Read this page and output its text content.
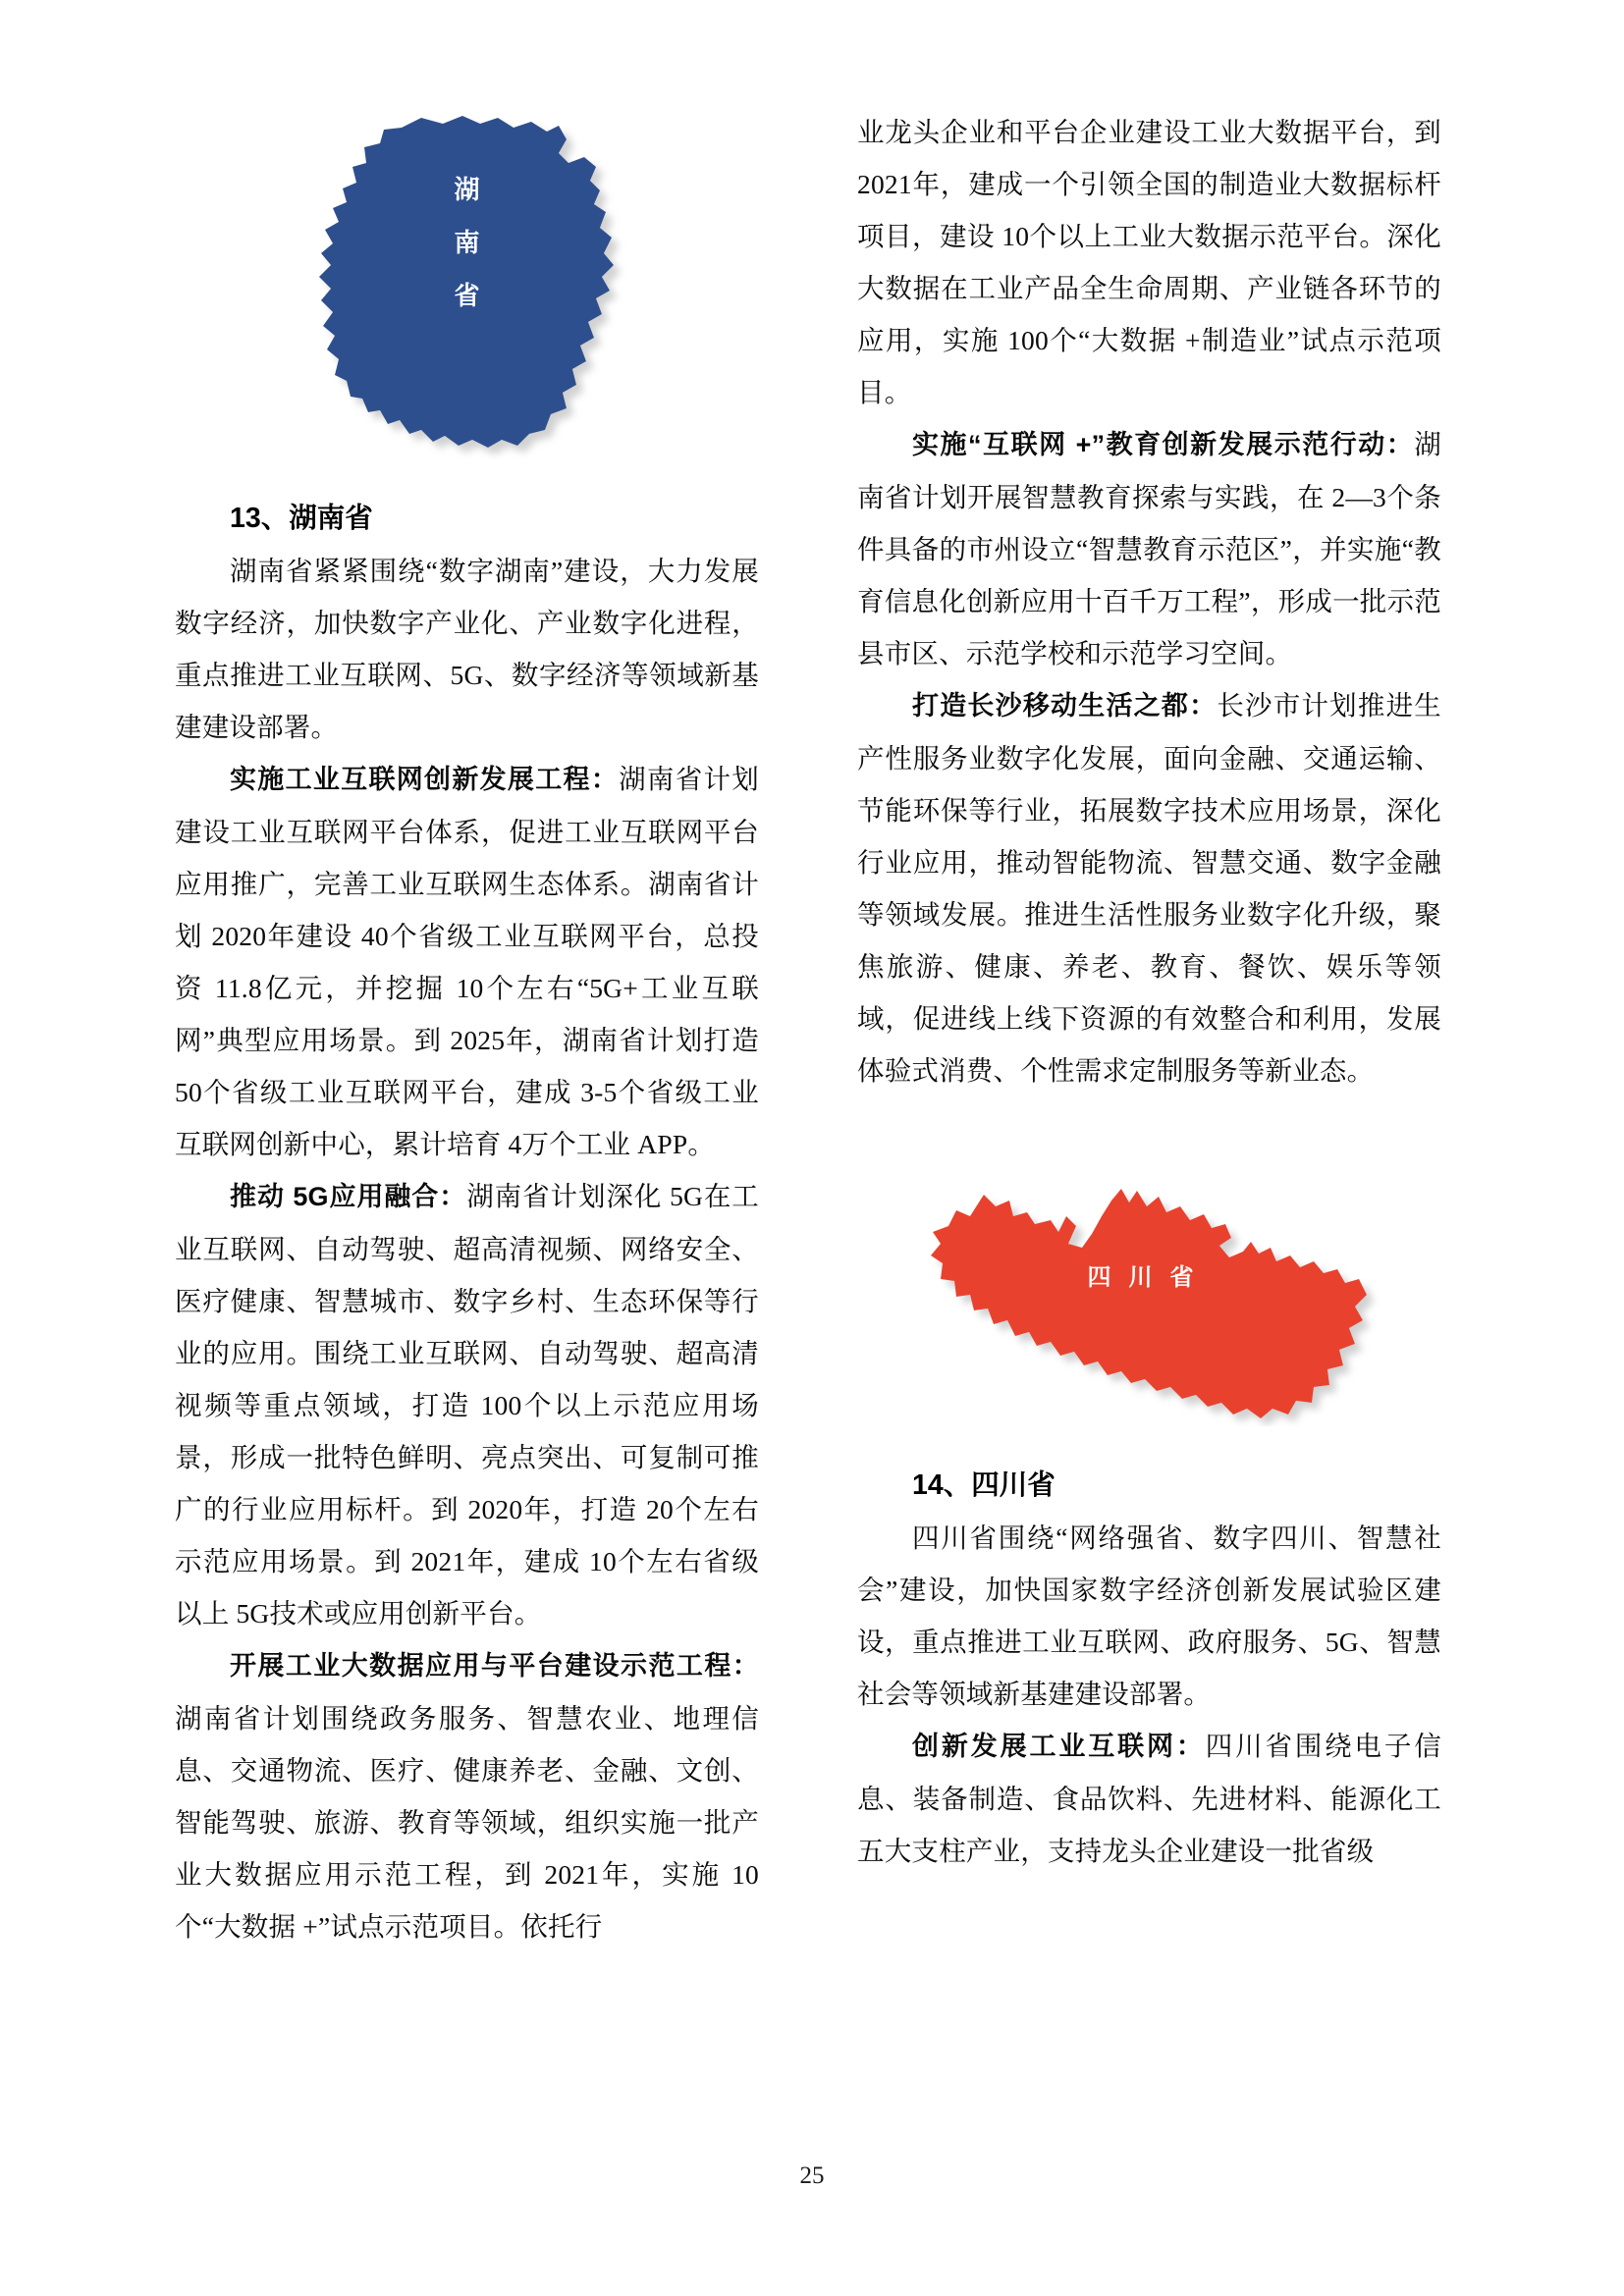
湖
南
省
13、湖南省

湖南省紧紧围绕“数字湖南”建设，大力发展数字经济，加快数字产业化、产业数字化进程，重点推进工业互联网、5G、数字经济等领域新基建建设部署。

实施工业互联网创新发展工程：湖南省计划建设工业互联网平台体系，促进工业互联网平台应用推广，完善工业互联网生态体系。湖南省计划 2020年建设 40个省级工业互联网平台，总投资 11.8亿元，并挖掘 10个左右“5G+工业互联网”典型应用场景。到 2025年，湖南省计划打造 50个省级工业互联网平台，建成 3-5个省级工业互联网创新中心，累计培育 4万个工业 APP。

推动 5G应用融合：湖南省计划深化 5G在工业互联网、自动驾驶、超高清视频、网络安全、医疗健康、智慧城市、数字乡村、生态环保等行业的应用。围绕工业互联网、自动驾驶、超高清视频等重点领域，打造 100个以上示范应用场景，形成一批特色鲜明、亮点突出、可复制可推广的行业应用标杆。到 2020年，打造 20个左右示范应用场景。到 2021年，建成 10个左右省级以上 5G技术或应用创新平台。

开展工业大数据应用与平台建设示范工程：湖南省计划围绕政务服务、智慧农业、地理信息、交通物流、医疗、健康养老、金融、文创、智能驾驶、旅游、教育等领域，组织实施一批产业大数据应用示范工程，到 2021年，实施 10个“大数据 +”试点示范项目。依托行

业龙头企业和平台企业建设工业大数据平台，到 2021年，建成一个引领全国的制造业大数据标杆项目，建设 10个以上工业大数据示范平台。深化大数据在工业产品全生命周期、产业链各环节的应用，实施 100个“大数据 +制造业”试点示范项目。

实施“互联网 +”教育创新发展示范行动：湖南省计划开展智慧教育探索与实践，在 2—3个条件具备的市州设立“智慧教育示范区”，并实施“教育信息化创新应用十百千万工程”，形成一批示范县市区、示范学校和示范学习空间。

打造长沙移动生活之都：长沙市计划推进生产性服务业数字化发展，面向金融、交通运输、节能环保等行业，拓展数字技术应用场景，深化行业应用，推动智能物流、智慧交通、数字金融等领域发展。推进生活性服务业数字化升级，聚焦旅游、健康、养老、教育、餐饮、娱乐等领域，促进线上线下资源的有效整合和利用，发展体验式消费、个性需求定制服务等新业态。

四川省
14、四川省

四川省围绕“网络强省、数字四川、智慧社会”建设，加快国家数字经济创新发展试验区建设，重点推进工业互联网、政府服务、5G、智慧社会等领域新基建建设部署。

创新发展工业互联网：四川省围绕电子信息、装备制造、食品饮料、先进材料、能源化工五大支柱产业，支持龙头企业建设一批省级

25
